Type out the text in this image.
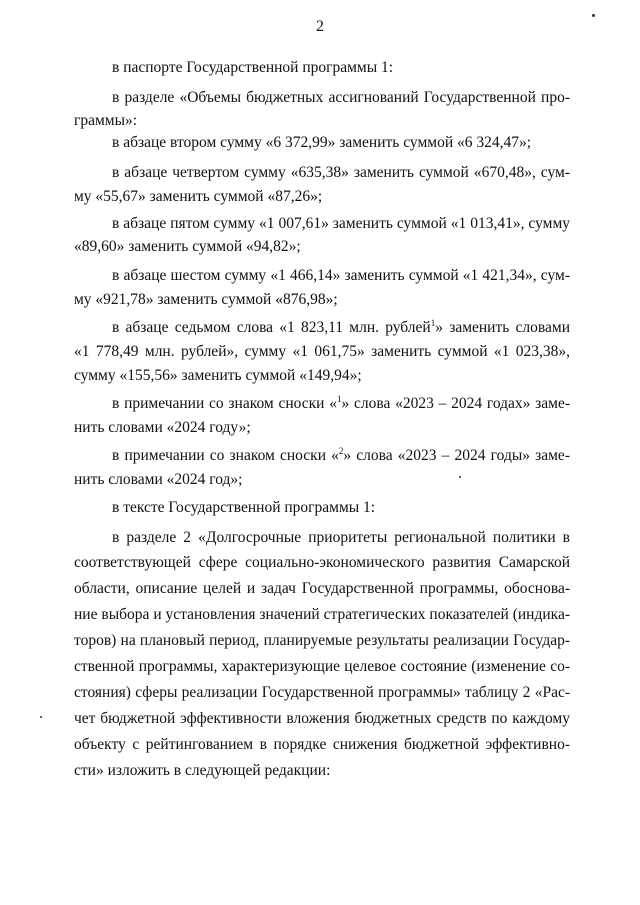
2
в паспорте Государственной программы 1:
в разделе «Объемы бюджетных ассигнований Государственной про-
граммы»:
в абзаце втором сумму «6 372,99» заменить суммой «6 324,47»;
в абзаце четвертом сумму «635,38» заменить суммой «670,48», сум-
му «55,67» заменить суммой «87,26»;
в абзаце пятом сумму «1 007,61» заменить суммой «1 013,41», сумму
«89,60» заменить суммой «94,82»;
в абзаце шестом сумму «1 466,14» заменить суммой «1 421,34», сум-
му «921,78» заменить суммой «876,98»;
в абзаце седьмом слова «1 823,11 млн. рублей$^1$» заменить словами
«1 778,49 млн. рублей», сумму «1 061,75» заменить суммой «1 023,38»,
сумму «155,56» заменить суммой «149,94»;
в примечании со знаком сноски «$^1$» слова «2023 – 2024 годах» заме-
нить словами «2024 году»;
в примечании со знаком сноски «$^2$» слова «2023 – 2024 годы» заме-
нить словами «2024 год»;
в тексте Государственной программы 1:
в разделе 2 «Долгосрочные приоритеты региональной политики в
соответствующей сфере социально-экономического развития Самарской
области, описание целей и задач Государственной программы, обоснова-
ние выбора и установления значений стратегических показателей (индика-
торов) на плановый период, планируемые результаты реализации Государ-
ственной программы, характеризующие целевое состояние (изменение со-
стояния) сферы реализации Государственной программы» таблицу 2 «Рас-
чет бюджетной эффективности вложения бюджетных средств по каждому
объекту с рейтингованием в порядке снижения бюджетной эффективно-
сти» изложить в следующей редакции:
